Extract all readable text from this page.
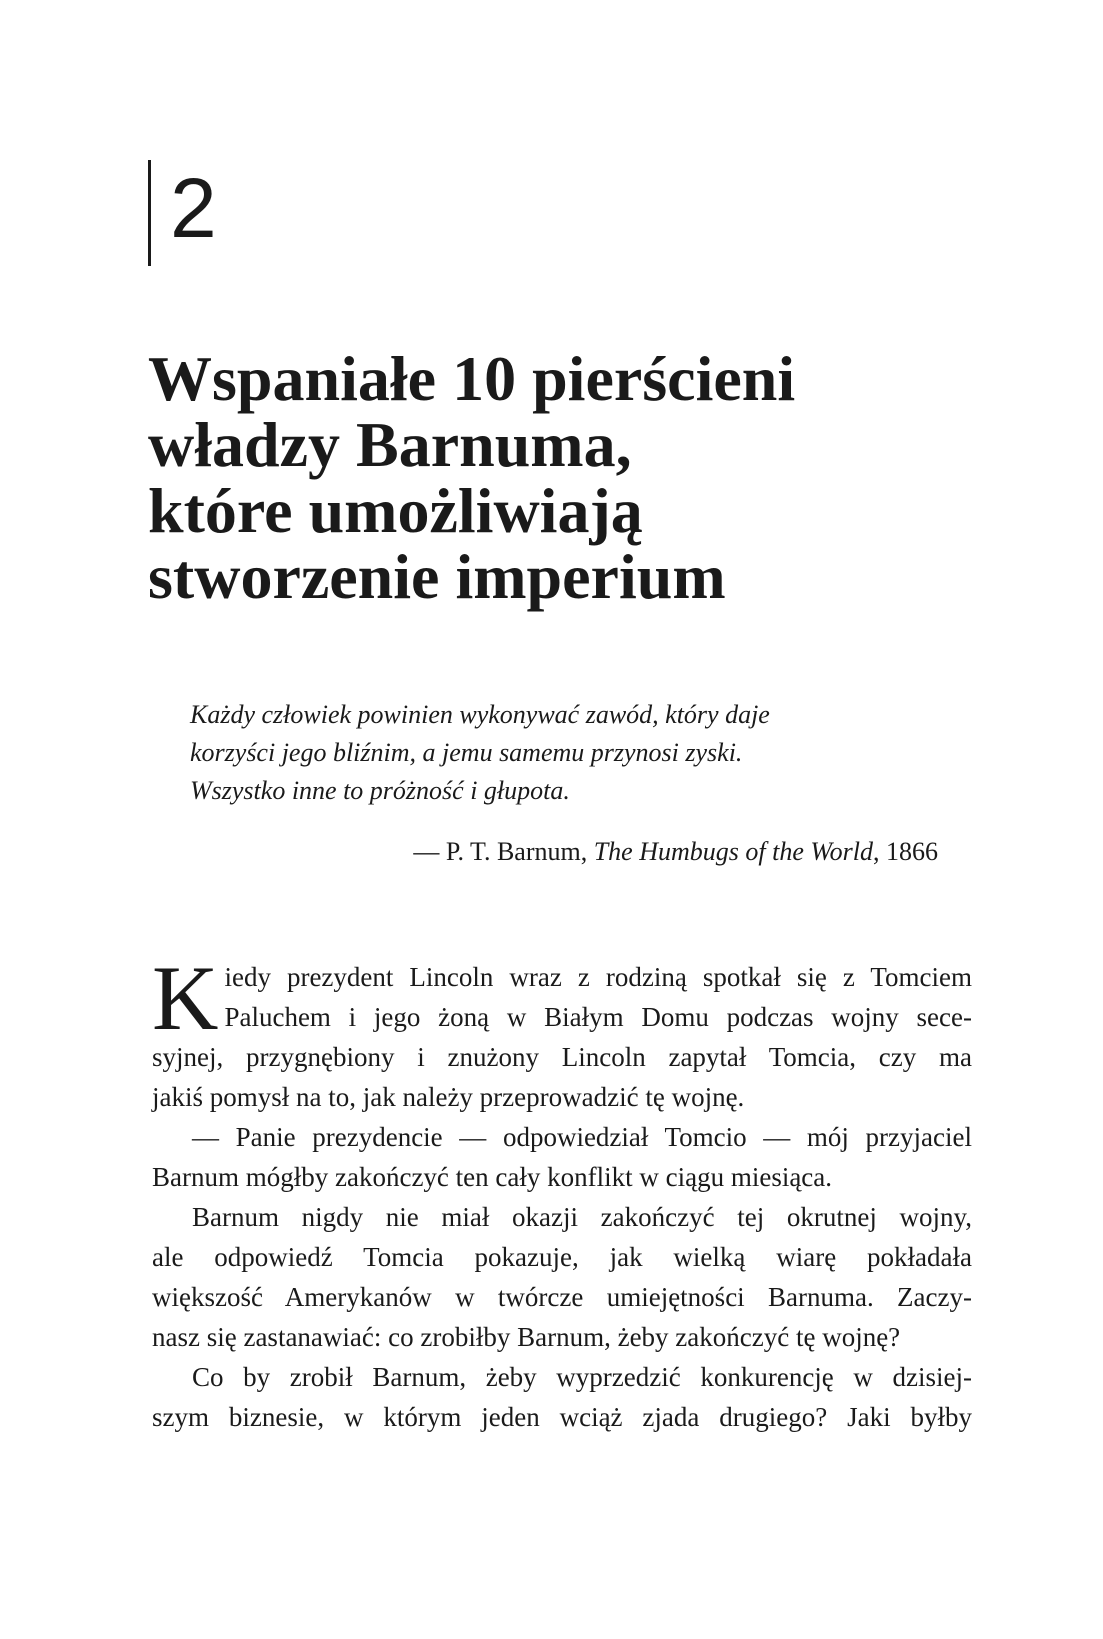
2
Wspaniałe 10 pierścieni
władzy Barnuma,
które umożliwiają
stworzenie imperium
Każdy człowiek powinien wykonywać zawód, który daje
korzyści jego bliźnim, a jemu samemu przynosi zyski.
Wszystko inne to próżność i głupota.
— P. T. Barnum, The Humbugs of the World, 1866
K iedy prezydent Lincoln wraz z rodziną spotkał się z Tomciem
Paluchem i jego żoną w Białym Domu podczas wojny sece-
syjnej, przygnębiony i znużony Lincoln zapytał Tomcia, czy ma
jakiś pomysł na to, jak należy przeprowadzić tę wojnę.
— Panie prezydencie — odpowiedział Tomcio — mój przyjaciel
Barnum mógłby zakończyć ten cały konflikt w ciągu miesiąca.
Barnum nigdy nie miał okazji zakończyć tej okrutnej wojny,
ale odpowiedź Tomcia pokazuje, jak wielką wiarę pokładała
większość Amerykanów w twórcze umiejętności Barnuma. Zaczy-
nasz się zastanawiać: co zrobiłby Barnum, żeby zakończyć tę wojnę?
Co by zrobił Barnum, żeby wyprzedzić konkurencję w dzisiej-
szym biznesie, w którym jeden wciąż zjada drugiego? Jaki byłby
